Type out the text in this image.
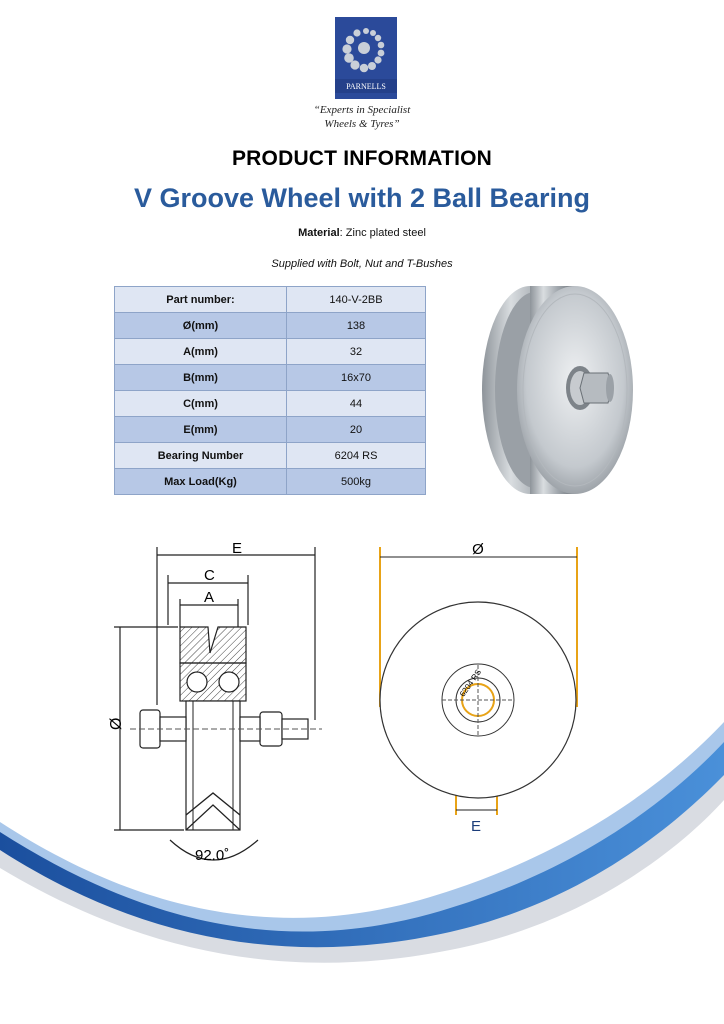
PARNELLS
“Experts in Specialist
Wheels & Tyres”
PRODUCT INFORMATION
V Groove Wheel with 2 Ball Bearing
Material: Zinc plated steel
Supplied with Bolt, Nut and T-Bushes
Part number:	140-V-2BB
Ø(mm)	138
A(mm)	32
B(mm)	16x70
C(mm)	44
E(mm)	20
Bearing Number	6204 RS
Max Load(Kg)	500kg
E
C
A
Ø
92.0˚
Ø
6204 RS
E
